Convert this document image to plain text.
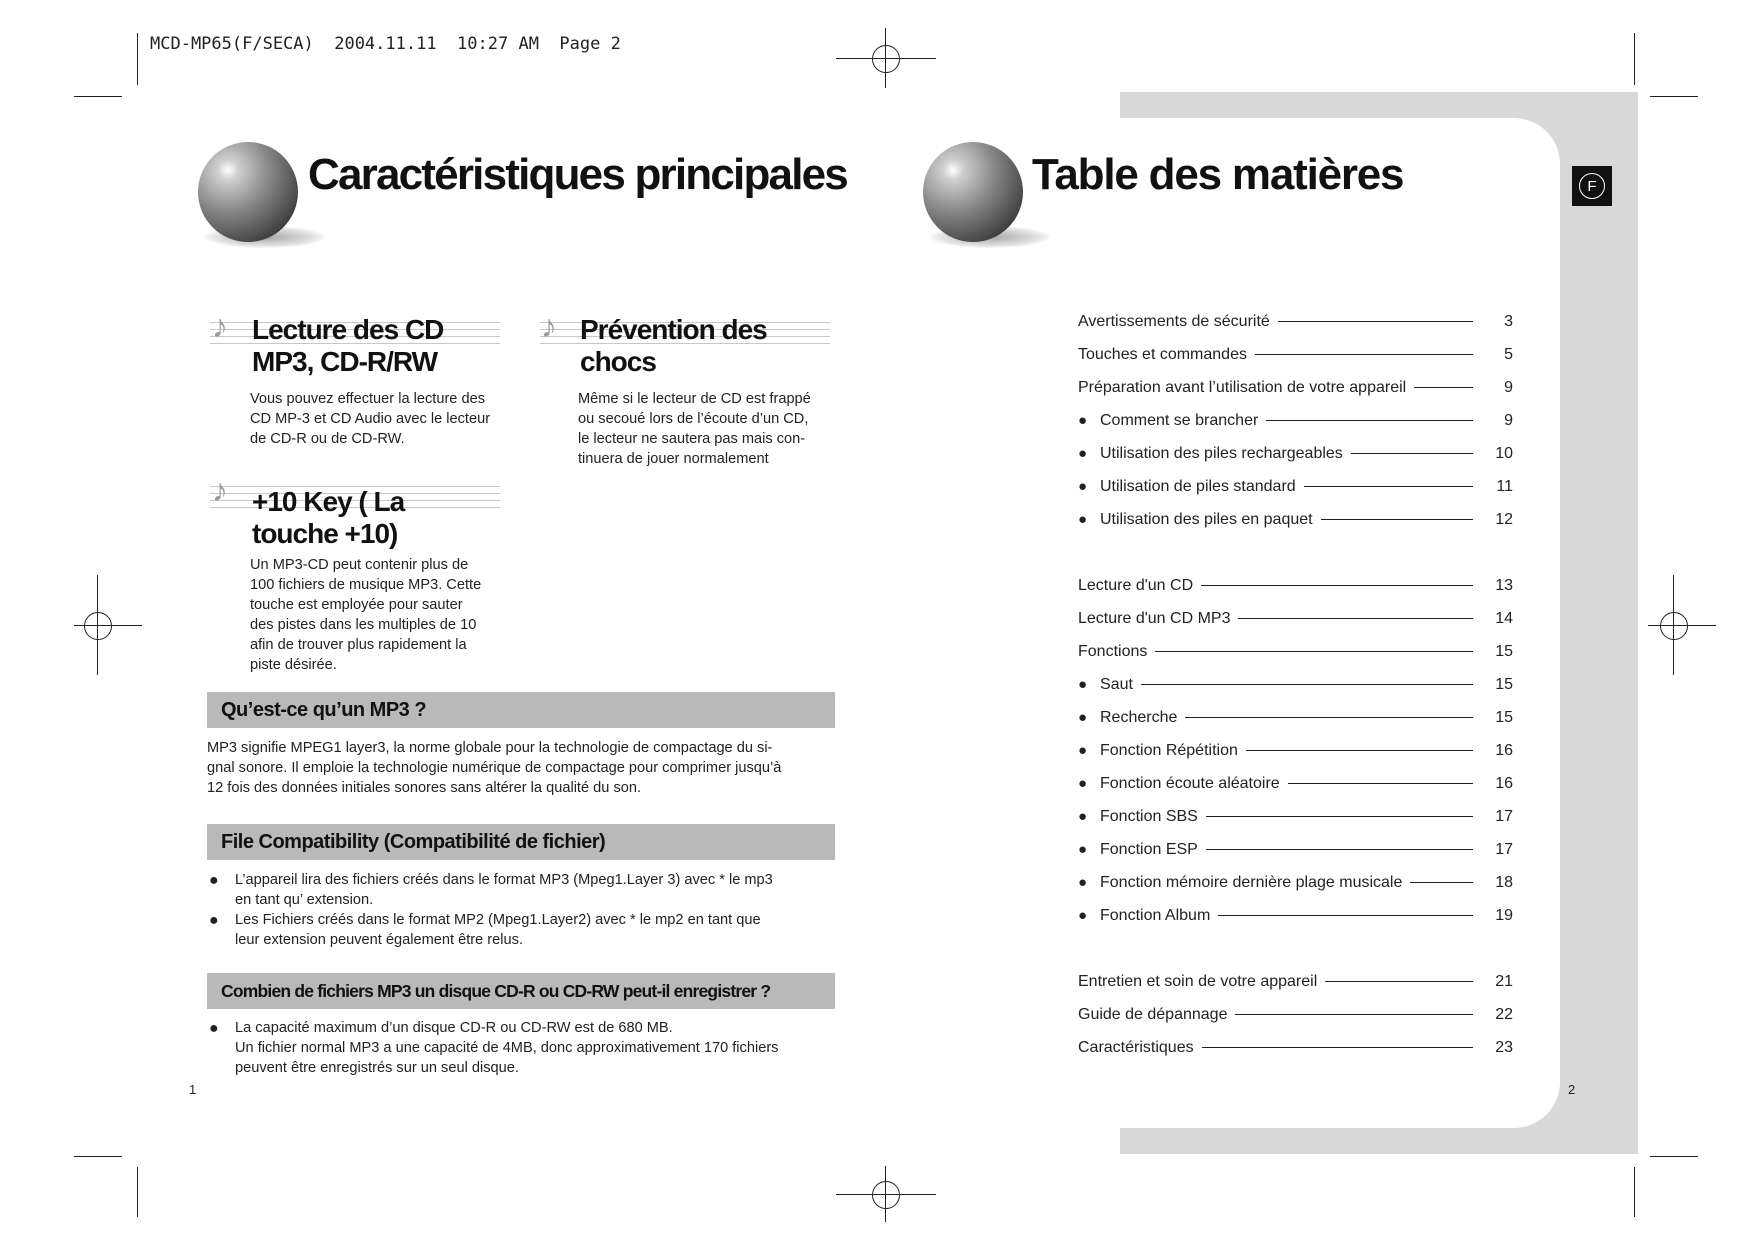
MCD-MP65(F/SECA)  2004.11.11  10:27 AM  Page 2
Caractéristiques principales
♪ Lecture des CD
MP3, CD-R/RW
Vous pouvez effectuer la lecture des
CD MP-3 et CD Audio avec le lecteur
de CD-R ou de CD-RW.
♪ Prévention des
chocs
Même si le lecteur de CD est frappé
ou secoué lors de l’écoute d’un CD,
le lecteur ne sautera pas mais con-
tinuera de jouer normalement
♪ +10 Key ( La
touche +10)
Un MP3-CD peut contenir plus de
100 fichiers de musique MP3. Cette
touche est employée pour sauter
des pistes dans les multiples de 10
afin de trouver plus rapidement la
piste désirée.
Qu’est-ce qu’un MP3 ?
MP3 signifie MPEG1 layer3, la norme globale pour la technologie de compactage du si-
gnal sonore. Il emploie la technologie numérique de compactage pour comprimer jusqu’à
12 fois des données initiales sonores sans altérer la qualité du son.
File Compatibility (Compatibilité de fichier)
● L’appareil lira des fichiers créés dans le format MP3 (Mpeg1.Layer 3) avec * le mp3
en tant qu’ extension.
● Les Fichiers créés dans le format MP2 (Mpeg1.Layer2) avec * le mp2 en tant que
leur extension peuvent également être relus.
Combien de fichiers MP3 un disque CD-R ou CD-RW peut-il enregistrer ?
● La capacité maximum d’un disque CD-R ou CD-RW est de 680 MB.
Un fichier normal MP3 a une capacité de 4MB, donc approximativement 170 fichiers
peuvent être enregistrés sur un seul disque.
1
Table des matières	F
Avertissements de sécurité	3
Touches et commandes	5
Préparation avant l’utilisation de votre appareil	9
● Comment se brancher	9
● Utilisation des piles rechargeables	10
● Utilisation de piles standard	11
● Utilisation des piles en paquet	12
Lecture d'un CD	13
Lecture d'un CD MP3	14
Fonctions	15
● Saut	15
● Recherche	15
● Fonction Répétition	16
● Fonction écoute aléatoire	16
● Fonction SBS	17
● Fonction ESP	17
● Fonction mémoire dernière plage musicale	18
● Fonction Album	19
Entretien et soin de votre appareil	21
Guide de dépannage	22
Caractéristiques	23
2
